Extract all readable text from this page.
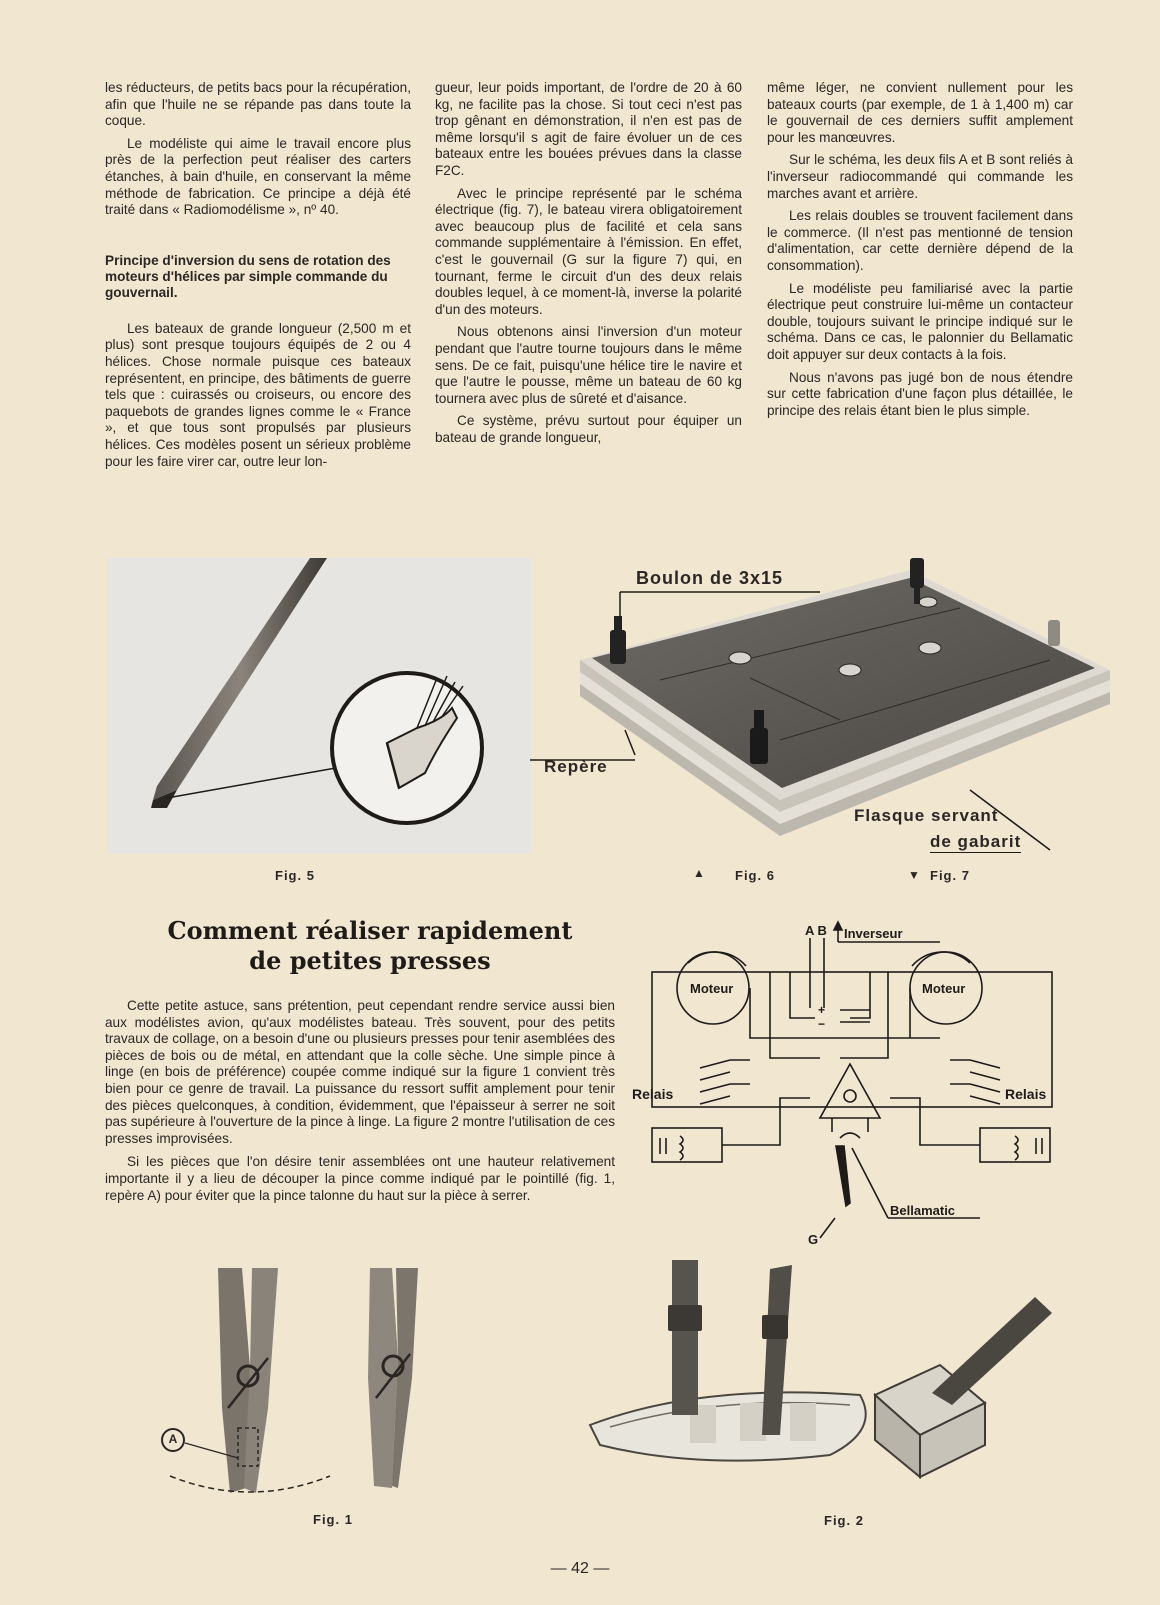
les réducteurs, de petits bacs pour la récupération, afin que l'huile ne se répande pas dans toute la coque.

Le modéliste qui aime le travail encore plus près de la perfection peut réaliser des carters étanches, à bain d'huile, en conservant la même méthode de fabrication. Ce principe a déjà été traité dans « Radiomodélisme », nº 40.

Principe d'inversion du sens de rotation des moteurs d'hélices par simple commande du gouvernail.

Les bateaux de grande longueur (2,500 m et plus) sont presque toujours équipés de 2 ou 4 hélices. Chose normale puisque ces bateaux représentent, en principe, des bâtiments de guerre tels que : cuirassés ou croiseurs, ou encore des paquebots de grandes lignes comme le « France », et que tous sont propulsés par plusieurs hélices. Ces modèles posent un sérieux problème pour les faire virer car, outre leur lon-

gueur, leur poids important, de l'ordre de 20 à 60 kg, ne facilite pas la chose. Si tout ceci n'est pas trop gênant en démonstration, il n'en est pas de même lorsqu'il s agit de faire évoluer un de ces bateaux entre les bouées prévues dans la classe F2C.

Avec le principe représenté par le schéma électrique (fig. 7), le bateau virera obligatoirement avec beaucoup plus de facilité et cela sans commande supplémentaire à l'émission. En effet, c'est le gouvernail (G sur la figure 7) qui, en tournant, ferme le circuit d'un des deux relais doubles lequel, à ce moment-là, inverse la polarité d'un des moteurs.

Nous obtenons ainsi l'inversion d'un moteur pendant que l'autre tourne toujours dans le même sens. De ce fait, puisqu'une hélice tire le navire et que l'autre le pousse, même un bateau de 60 kg tournera avec plus de sûreté et d'aisance.

Ce système, prévu surtout pour équiper un bateau de grande longueur,

même léger, ne convient nullement pour les bateaux courts (par exemple, de 1 à 1,400 m) car le gouvernail de ces derniers suffit amplement pour les manœuvres.

Sur le schéma, les deux fils A et B sont reliés à l'inverseur radiocommandé qui commande les marches avant et arrière.

Les relais doubles se trouvent facilement dans le commerce. (Il n'est pas mentionné de tension d'alimentation, car cette dernière dépend de la consommation).

Le modéliste peu familiarisé avec la partie électrique peut construire lui-même un contacteur double, toujours suivant le principe indiqué sur le schéma. Dans ce cas, le palonnier du Bellamatic doit appuyer sur deux contacts à la fois.

Nous n'avons pas jugé bon de nous étendre sur cette fabrication d'une façon plus détaillée, le principe des relais étant bien le plus simple.

Fig. 5
Boulon de 3x15
Repère
Flasque servant
de gabarit
▲ Fig. 6	▼ Fig. 7
Comment réaliser rapidement
de petites presses

Cette petite astuce, sans prétention, peut cependant rendre service aussi bien aux modélistes avion, qu'aux modélistes bateau. Très souvent, pour des petits travaux de collage, on a besoin d'une ou plusieurs presses pour tenir asemblées des pièces de bois ou de métal, en attendant que la colle sèche. Une simple pince à linge (en bois de préférence) coupée comme indiqué sur la figure 1 convient très bien pour ce genre de travail. La puissance du ressort suffit amplement pour tenir des pièces quelconques, à condition, évidemment, que l'épaisseur à serrer ne soit pas supérieure à l'ouverture de la pince à linge. La figure 2 montre l'utilisation de ces presses improvisées.

Si les pièces que l'on désire tenir assemblées ont une hauteur relativement importante il y a lieu de découper la pince comme indiqué par le pointillé (fig. 1, repère A) pour éviter que la pince talonne du haut sur la pièce à serrer.

A B Inverseur
Moteur	Moteur
Relais	Relais
+
−
G
Bellamatic
A
Fig. 1	Fig. 2
— 42 —
